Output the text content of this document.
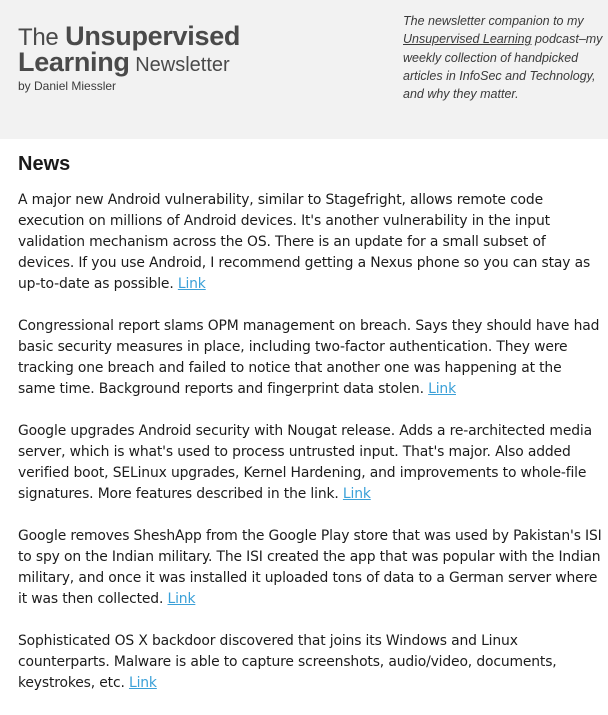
The Unsupervised
Learning Newsletter
by Daniel Miessler
The newsletter companion to my Unsupervised Learning podcast–my weekly collection of handpicked articles in InfoSec and Technology, and why they matter.
News

A major new Android vulnerability, similar to Stagefright, allows remote code execution on millions of Android devices. It's another vulnerability in the input validation mechanism across the OS. There is an update for a small subset of devices. If you use Android, I recommend getting a Nexus phone so you can stay as up-to-date as possible. Link

Congressional report slams OPM management on breach. Says they should have had basic security measures in place, including two-factor authentication. They were tracking one breach and failed to notice that another one was happening at the same time. Background reports and fingerprint data stolen. Link

Google upgrades Android security with Nougat release. Adds a re-architected media server, which is what's used to process untrusted input. That's major. Also added verified boot, SELinux upgrades, Kernel Hardening, and improvements to whole-file signatures. More features described in the link. Link

Google removes SheshApp from the Google Play store that was used by Pakistan's ISI to spy on the Indian military. The ISI created the app that was popular with the Indian military, and once it was installed it uploaded tons of data to a German server where it was then collected. Link

Sophisticated OS X backdoor discovered that joins its Windows and Linux counterparts. Malware is able to capture screenshots, audio/video, documents, keystrokes, etc. Link
